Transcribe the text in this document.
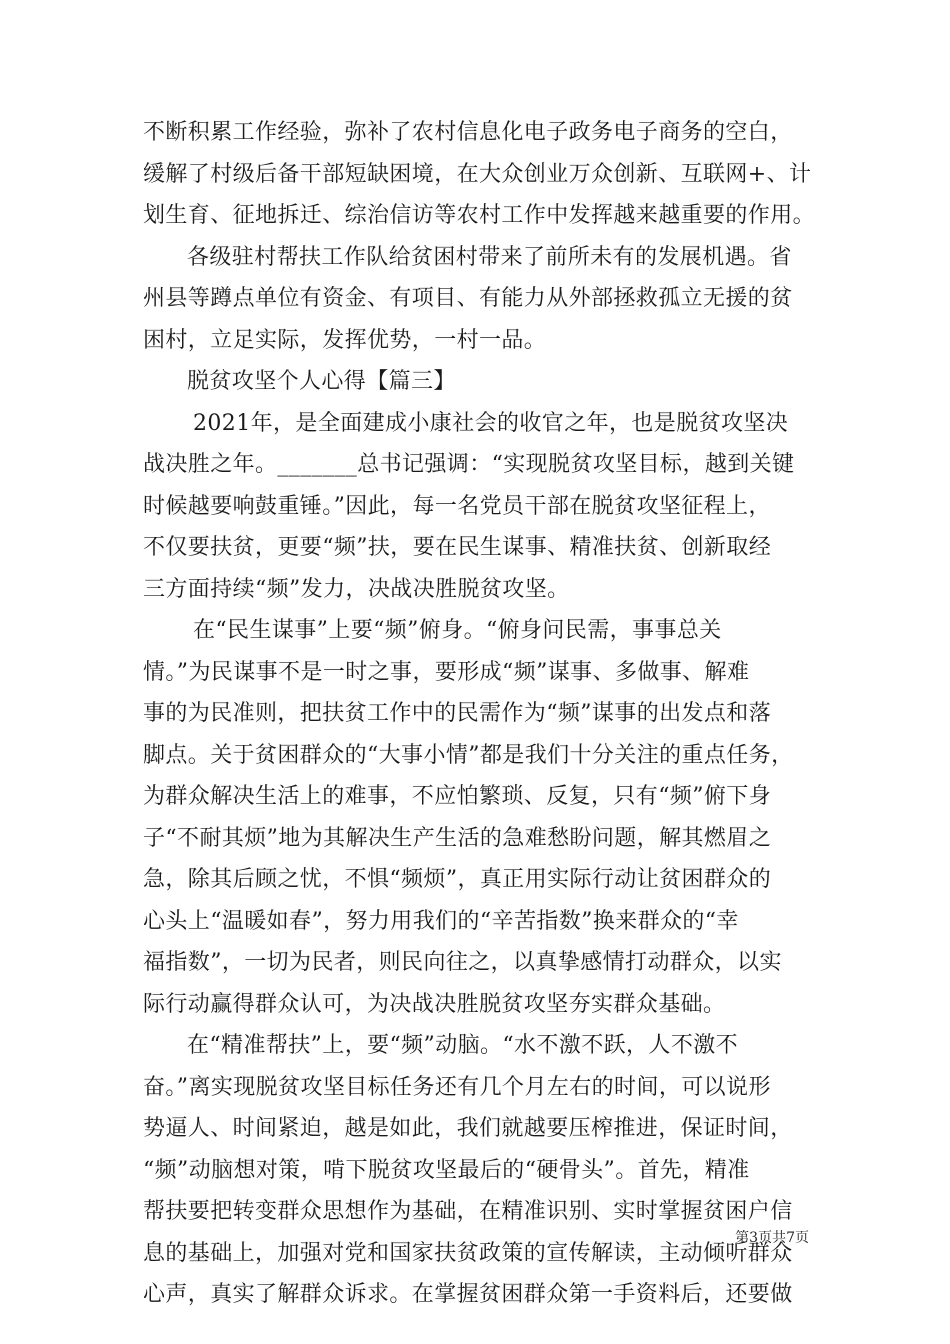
不断积累工作经验，弥补了农村信息化电子政务电子商务的空白，
缓解了村级后备干部短缺困境，在大众创业万众创新、互联网+、计
划生育、征地拆迁、综治信访等农村工作中发挥越来越重要的作用。
各级驻村帮扶工作队给贫困村带来了前所未有的发展机遇。省
州县等蹲点单位有资金、有项目、有能力从外部拯救孤立无援的贫
困村，立足实际，发挥优势，一村一品。
脱贫攻坚个人心得【篇三】
2021年，是全面建成小康社会的收官之年，也是脱贫攻坚决
战决胜之年。_______总书记强调：“实现脱贫攻坚目标，越到关键
时候越要响鼓重锤。”因此，每一名党员干部在脱贫攻坚征程上，
不仅要扶贫，更要“频”扶，要在民生谋事、精准扶贫、创新取经
三方面持续“频”发力，决战决胜脱贫攻坚。
在“民生谋事”上要“频”俯身。“俯身问民需，事事总关
情。”为民谋事不是一时之事，要形成“频”谋事、多做事、解难
事的为民准则，把扶贫工作中的民需作为“频”谋事的出发点和落
脚点。关于贫困群众的“大事小情”都是我们十分关注的重点任务，
为群众解决生活上的难事，不应怕繁琐、反复，只有“频”俯下身
子“不耐其烦”地为其解决生产生活的急难愁盼问题，解其燃眉之
急，除其后顾之忧，不惧“频烦”，真正用实际行动让贫困群众的
心头上“温暖如春”，努力用我们的“辛苦指数”换来群众的“幸
福指数”，一切为民者，则民向往之，以真挚感情打动群众，以实
际行动赢得群众认可，为决战决胜脱贫攻坚夯实群众基础。
在“精准帮扶”上，要“频”动脑。“水不激不跃，人不激不
奋。”离实现脱贫攻坚目标任务还有几个月左右的时间，可以说形
势逼人、时间紧迫，越是如此，我们就越要压榨推进，保证时间，
“频”动脑想对策，啃下脱贫攻坚最后的“硬骨头”。首先，精准
帮扶要把转变群众思想作为基础，在精准识别、实时掌握贫困户信
息的基础上，加强对党和国家扶贫政策的宣传解读，主动倾听群众
心声，真实了解群众诉求。在掌握贫困群众第一手资料后，还要做
第3页共7页
